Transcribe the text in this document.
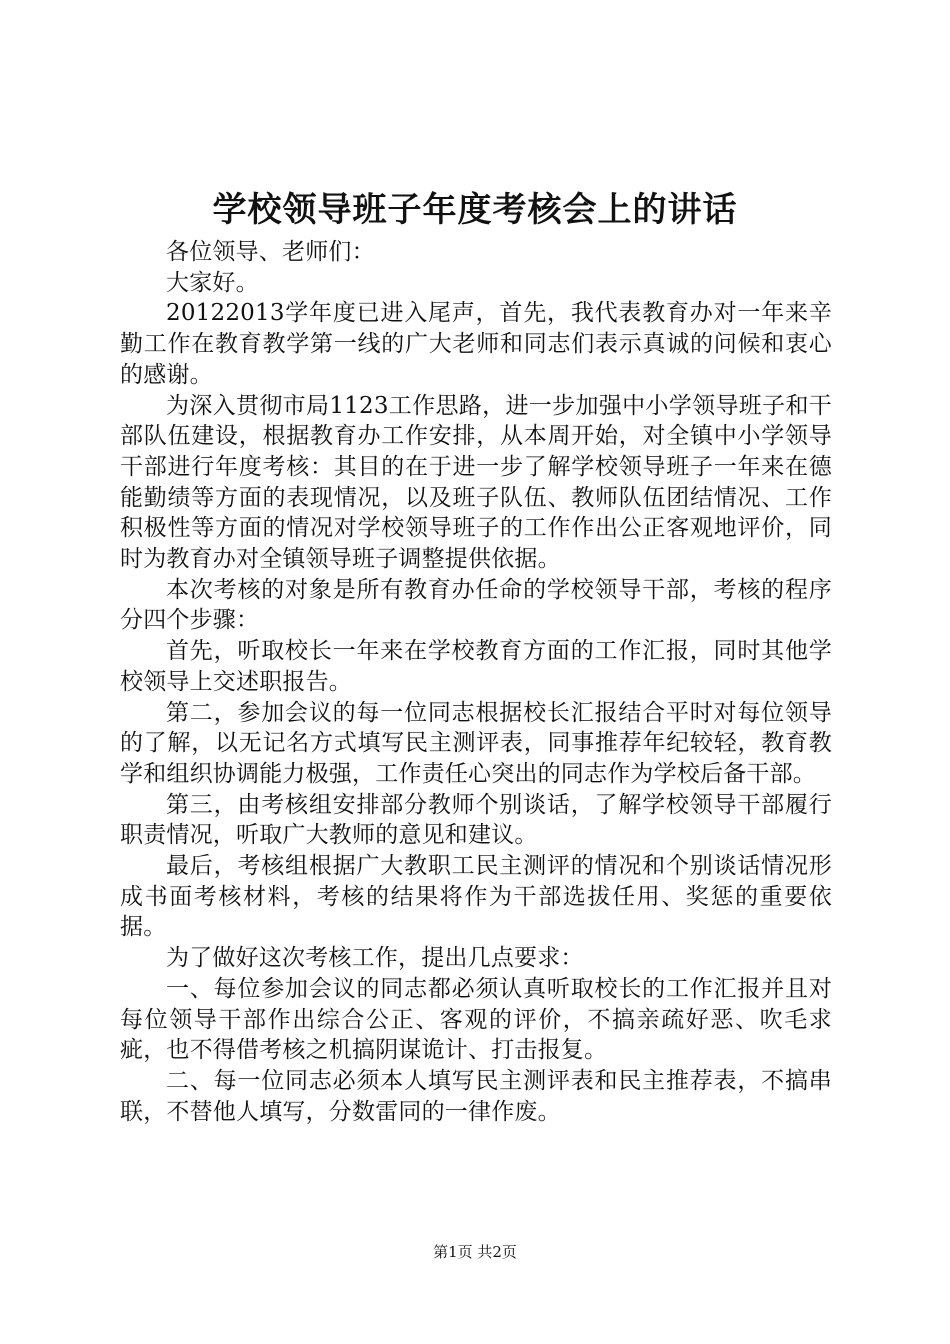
学校领导班子年度考核会上的讲话

各位领导、老师们：

大家好。

20122013学年度已进入尾声，首先，我代表教育办对一年来辛勤工作在教育教学第一线的广大老师和同志们表示真诚的问候和衷心的感谢。

为深入贯彻市局1123工作思路，进一步加强中小学领导班子和干部队伍建设，根据教育办工作安排，从本周开始，对全镇中小学领导干部进行年度考核：其目的在于进一步了解学校领导班子一年来在德能勤绩等方面的表现情况，以及班子队伍、教师队伍团结情况、工作积极性等方面的情况对学校领导班子的工作作出公正客观地评价，同时为教育办对全镇领导班子调整提供依据。

本次考核的对象是所有教育办任命的学校领导干部，考核的程序分四个步骤：

首先，听取校长一年来在学校教育方面的工作汇报，同时其他学校领导上交述职报告。

第二，参加会议的每一位同志根据校长汇报结合平时对每位领导的了解，以无记名方式填写民主测评表，同事推荐年纪较轻，教育教学和组织协调能力极强，工作责任心突出的同志作为学校后备干部。

第三，由考核组安排部分教师个别谈话，了解学校领导干部履行职责情况，听取广大教师的意见和建议。

最后，考核组根据广大教职工民主测评的情况和个别谈话情况形成书面考核材料，考核的结果将作为干部选拔任用、奖惩的重要依据。

为了做好这次考核工作，提出几点要求：

一、每位参加会议的同志都必须认真听取校长的工作汇报并且对每位领导干部作出综合公正、客观的评价，不搞亲疏好恶、吹毛求疵，也不得借考核之机搞阴谋诡计、打击报复。

二、每一位同志必须本人填写民主测评表和民主推荐表，不搞串联，不替他人填写，分数雷同的一律作废。

第1页 共2页
